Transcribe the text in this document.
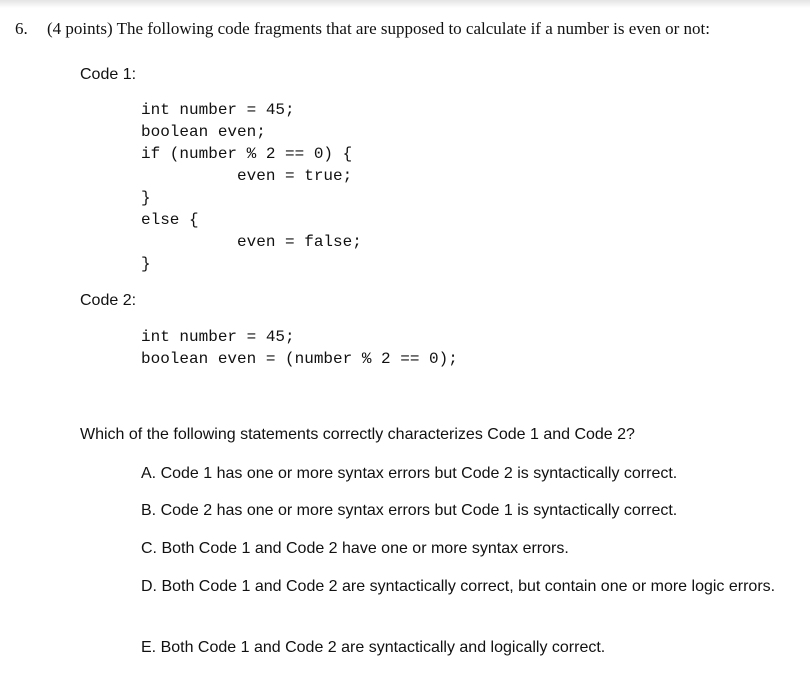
6. (4 points) The following code fragments that are supposed to calculate if a number is even or not:
Code 1:
int number = 45;
boolean even;
if (number % 2 == 0) {
even = true;
}
else {
even = false;
}
Code 2:
int number = 45;
boolean even = (number % 2 == 0);
Which of the following statements correctly characterizes Code 1 and Code 2?
A. Code 1 has one or more syntax errors but Code 2 is syntactically correct.
B. Code 2 has one or more syntax errors but Code 1 is syntactically correct.
C. Both Code 1 and Code 2 have one or more syntax errors.
D. Both Code 1 and Code 2 are syntactically correct, but contain one or more logic errors.
E. Both Code 1 and Code 2 are syntactically and logically correct.
